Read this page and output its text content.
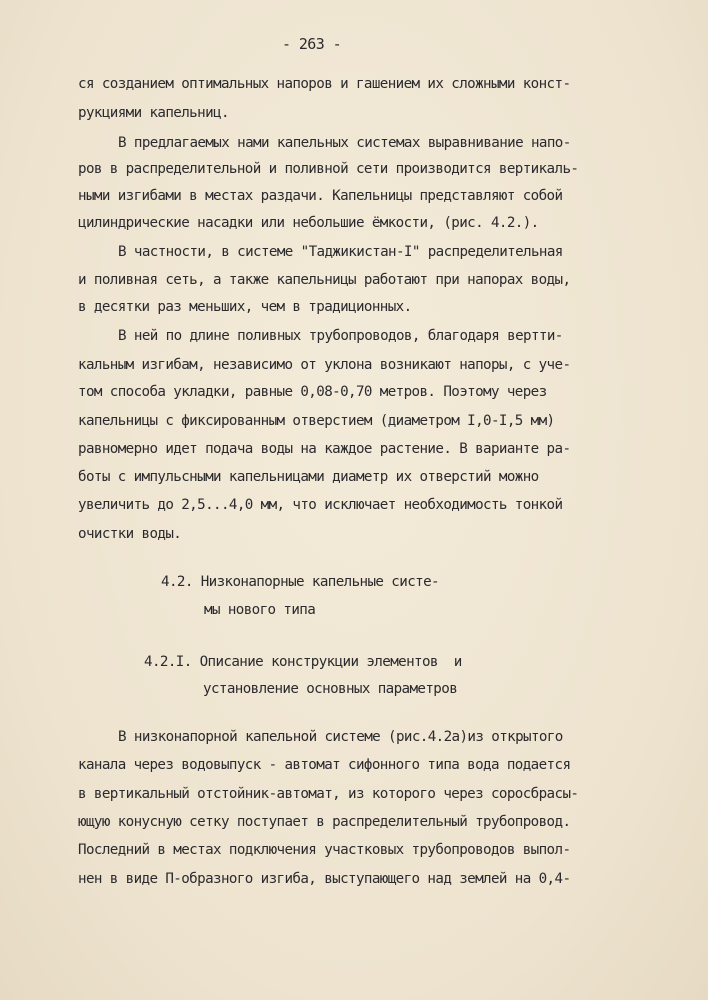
- 263 -
ся созданием оптимальных напоров и гашением их сложными конст-
рукциями капельниц.
В предлагаемых нами капельных системах выравнивание напо-
ров в распределительной и поливной сети производится вертикаль-
ными изгибами в местах раздачи. Капельницы представляют собой
цилиндрические насадки или небольшие ёмкости, (рис. 4.2.).
В частности, в системе "Таджикистан-I" распределительная
и поливная сеть, а также капельницы работают при напорах воды,
в десятки раз меньших, чем в традиционных.
В ней по длине поливных трубопроводов, благодаря вертти-
кальным изгибам, независимо от уклона возникают напоры, с уче-
том способа укладки, равные 0,08-0,70 метров. Поэтому через
капельницы с фиксированным отверстием (диаметром I,0-I,5 мм)
равномерно идет подача воды на каждое растение. В варианте ра-
боты с импульсными капельницами диаметр их отверстий можно
увеличить до 2,5...4,0 мм, что исключает необходимость тонкой
очистки воды.
4.2. Низконапорные капельные систе-
мы нового типа
4.2.I. Описание конструкции элементов  и
установление основных параметров
В низконапорной капельной системе (рис.4.2а)из открытого
канала через водовыпуск - автомат сифонного типа вода подается
в вертикальный отстойник-автомат, из которого через соросбрасы-
ющую конусную сетку поступает в распределительный трубопровод.
Последний в местах подключения участковых трубопроводов выпол-
нен в виде П-образного изгиба, выступающего над землей на 0,4-
